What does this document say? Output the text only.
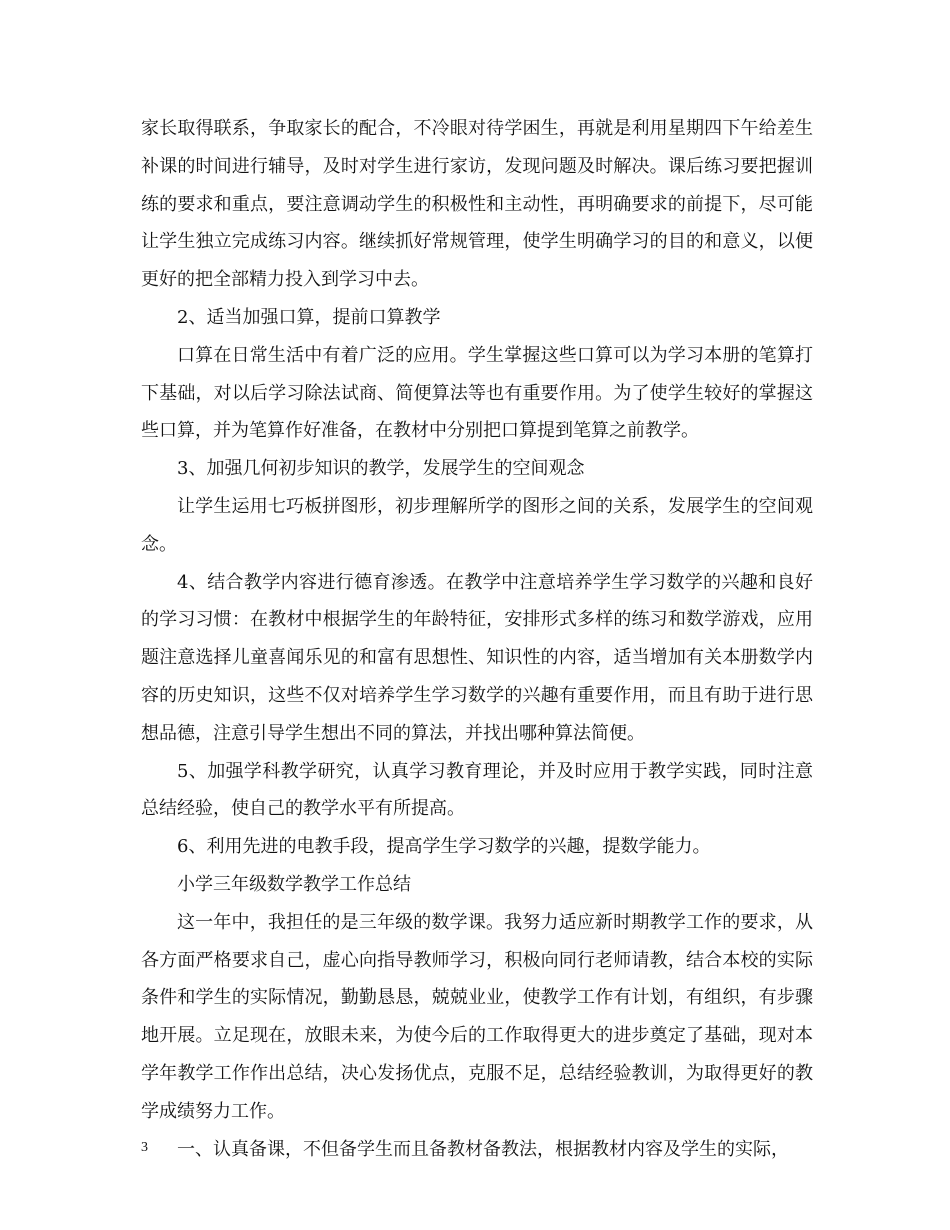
家长取得联系，争取家长的配合，不冷眼对待学困生，再就是利用星期四下午给差生补课的时间进行辅导，及时对学生进行家访，发现问题及时解决。课后练习要把握训练的要求和重点，要注意调动学生的积极性和主动性，再明确要求的前提下，尽可能让学生独立完成练习内容。继续抓好常规管理，使学生明确学习的目的和意义，以便更好的把全部精力投入到学习中去。

2、适当加强口算，提前口算教学

口算在日常生活中有着广泛的应用。学生掌握这些口算可以为学习本册的笔算打下基础，对以后学习除法试商、简便算法等也有重要作用。为了使学生较好的掌握这些口算，并为笔算作好准备，在教材中分别把口算提到笔算之前教学。

3、加强几何初步知识的教学，发展学生的空间观念

让学生运用七巧板拼图形，初步理解所学的图形之间的关系，发展学生的空间观念。

4、结合教学内容进行德育渗透。在教学中注意培养学生学习数学的兴趣和良好的学习习惯：在教材中根据学生的年龄特征，安排形式多样的练习和数学游戏，应用题注意选择儿童喜闻乐见的和富有思想性、知识性的内容，适当增加有关本册数学内容的历史知识，这些不仅对培养学生学习数学的兴趣有重要作用，而且有助于进行思想品德，注意引导学生想出不同的算法，并找出哪种算法简便。

5、加强学科教学研究，认真学习教育理论，并及时应用于教学实践，同时注意总结经验，使自己的教学水平有所提高。

6、利用先进的电教手段，提高学生学习数学的兴趣，提数学能力。

小学三年级数学教学工作总结

这一年中，我担任的是三年级的数学课。我努力适应新时期教学工作的要求，从各方面严格要求自己，虚心向指导教师学习，积极向同行老师请教，结合本校的实际条件和学生的实际情况，勤勤恳恳，兢兢业业，使教学工作有计划，有组织，有步骤地开展。立足现在，放眼未来，为使今后的工作取得更大的进步奠定了基础，现对本学年教学工作作出总结，决心发扬优点，克服不足，总结经验教训，为取得更好的教学成绩努力工作。

一、认真备课，不但备学生而且备教材备教法，根据教材内容及学生的实际，

3
